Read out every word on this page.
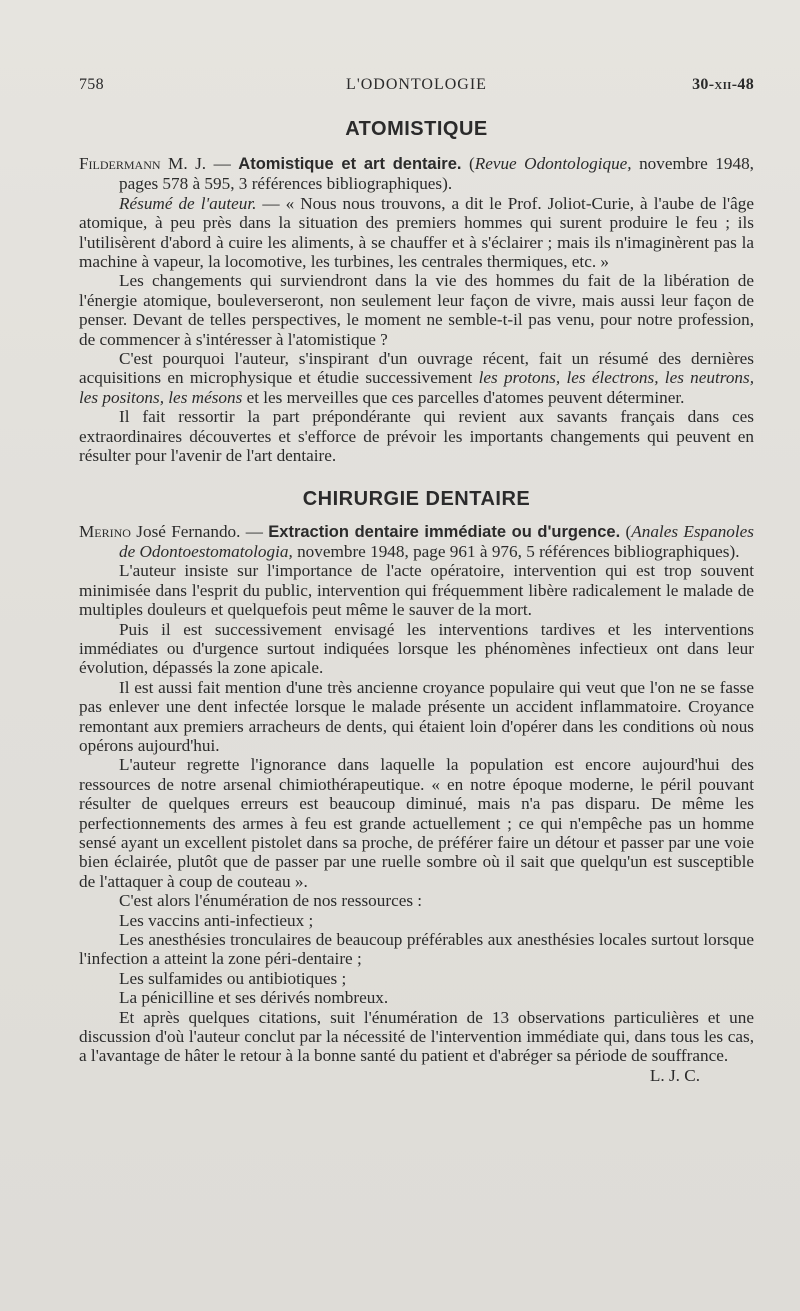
758	L'ODONTOLOGIE	30-xii-48
ATOMISTIQUE

Fildermann M. J. — Atomistique et art dentaire. (Revue Odontologique, novembre 1948, pages 578 à 595, 3 références bibliographiques).

Résumé de l'auteur. — « Nous nous trouvons, a dit le Prof. Joliot-Curie, à l'aube de l'âge atomique, à peu près dans la situation des premiers hommes qui surent produire le feu ; ils l'utilisèrent d'abord à cuire les aliments, à se chauffer et à s'éclairer ; mais ils n'imaginèrent pas la machine à vapeur, la locomotive, les turbines, les centrales thermiques, etc. »

Les changements qui surviendront dans la vie des hommes du fait de la libération de l'énergie atomique, bouleverseront, non seulement leur façon de vivre, mais aussi leur façon de penser. Devant de telles perspectives, le moment ne semble-t-il pas venu, pour notre profession, de commencer à s'intéresser à l'atomistique ?

C'est pourquoi l'auteur, s'inspirant d'un ouvrage récent, fait un résumé des dernières acquisitions en microphysique et étudie successivement les protons, les électrons, les neutrons, les positons, les mésons et les merveilles que ces parcelles d'atomes peuvent déterminer.

Il fait ressortir la part prépondérante qui revient aux savants français dans ces extraordinaires découvertes et s'efforce de prévoir les importants changements qui peuvent en résulter pour l'avenir de l'art dentaire.

CHIRURGIE DENTAIRE

Merino José Fernando. — Extraction dentaire immédiate ou d'urgence. (Anales Espanoles de Odontoestomatologia, novembre 1948, page 961 à 976, 5 références bibliographiques).

L'auteur insiste sur l'importance de l'acte opératoire, intervention qui est trop souvent minimisée dans l'esprit du public, intervention qui fréquemment libère radicalement le malade de multiples douleurs et quelquefois peut même le sauver de la mort.

Puis il est successivement envisagé les interventions tardives et les interventions immédiates ou d'urgence surtout indiquées lorsque les phénomènes infectieux ont dans leur évolution, dépassés la zone apicale.

Il est aussi fait mention d'une très ancienne croyance populaire qui veut que l'on ne se fasse pas enlever une dent infectée lorsque le malade présente un accident inflammatoire. Croyance remontant aux premiers arracheurs de dents, qui étaient loin d'opérer dans les conditions où nous opérons aujourd'hui.

L'auteur regrette l'ignorance dans laquelle la population est encore aujourd'hui des ressources de notre arsenal chimiothérapeutique. « en notre époque moderne, le péril pouvant résulter de quelques erreurs est beaucoup diminué, mais n'a pas disparu. De même les perfectionnements des armes à feu est grande actuellement ; ce qui n'empêche pas un homme sensé ayant un excellent pistolet dans sa proche, de préférer faire un détour et passer par une voie bien éclairée, plutôt que de passer par une ruelle sombre où il sait que quelqu'un est susceptible de l'attaquer à coup de couteau ».

C'est alors l'énumération de nos ressources :

Les vaccins anti-infectieux ;

Les anesthésies tronculaires de beaucoup préférables aux anesthésies locales surtout lorsque l'infection a atteint la zone péri-dentaire ;

Les sulfamides ou antibiotiques ;

La pénicilline et ses dérivés nombreux.

Et après quelques citations, suit l'énumération de 13 observations particulières et une discussion d'où l'auteur conclut par la nécessité de l'intervention immédiate qui, dans tous les cas, a l'avantage de hâter le retour à la bonne santé du patient et d'abréger sa période de souffrance.

L. J. C.
